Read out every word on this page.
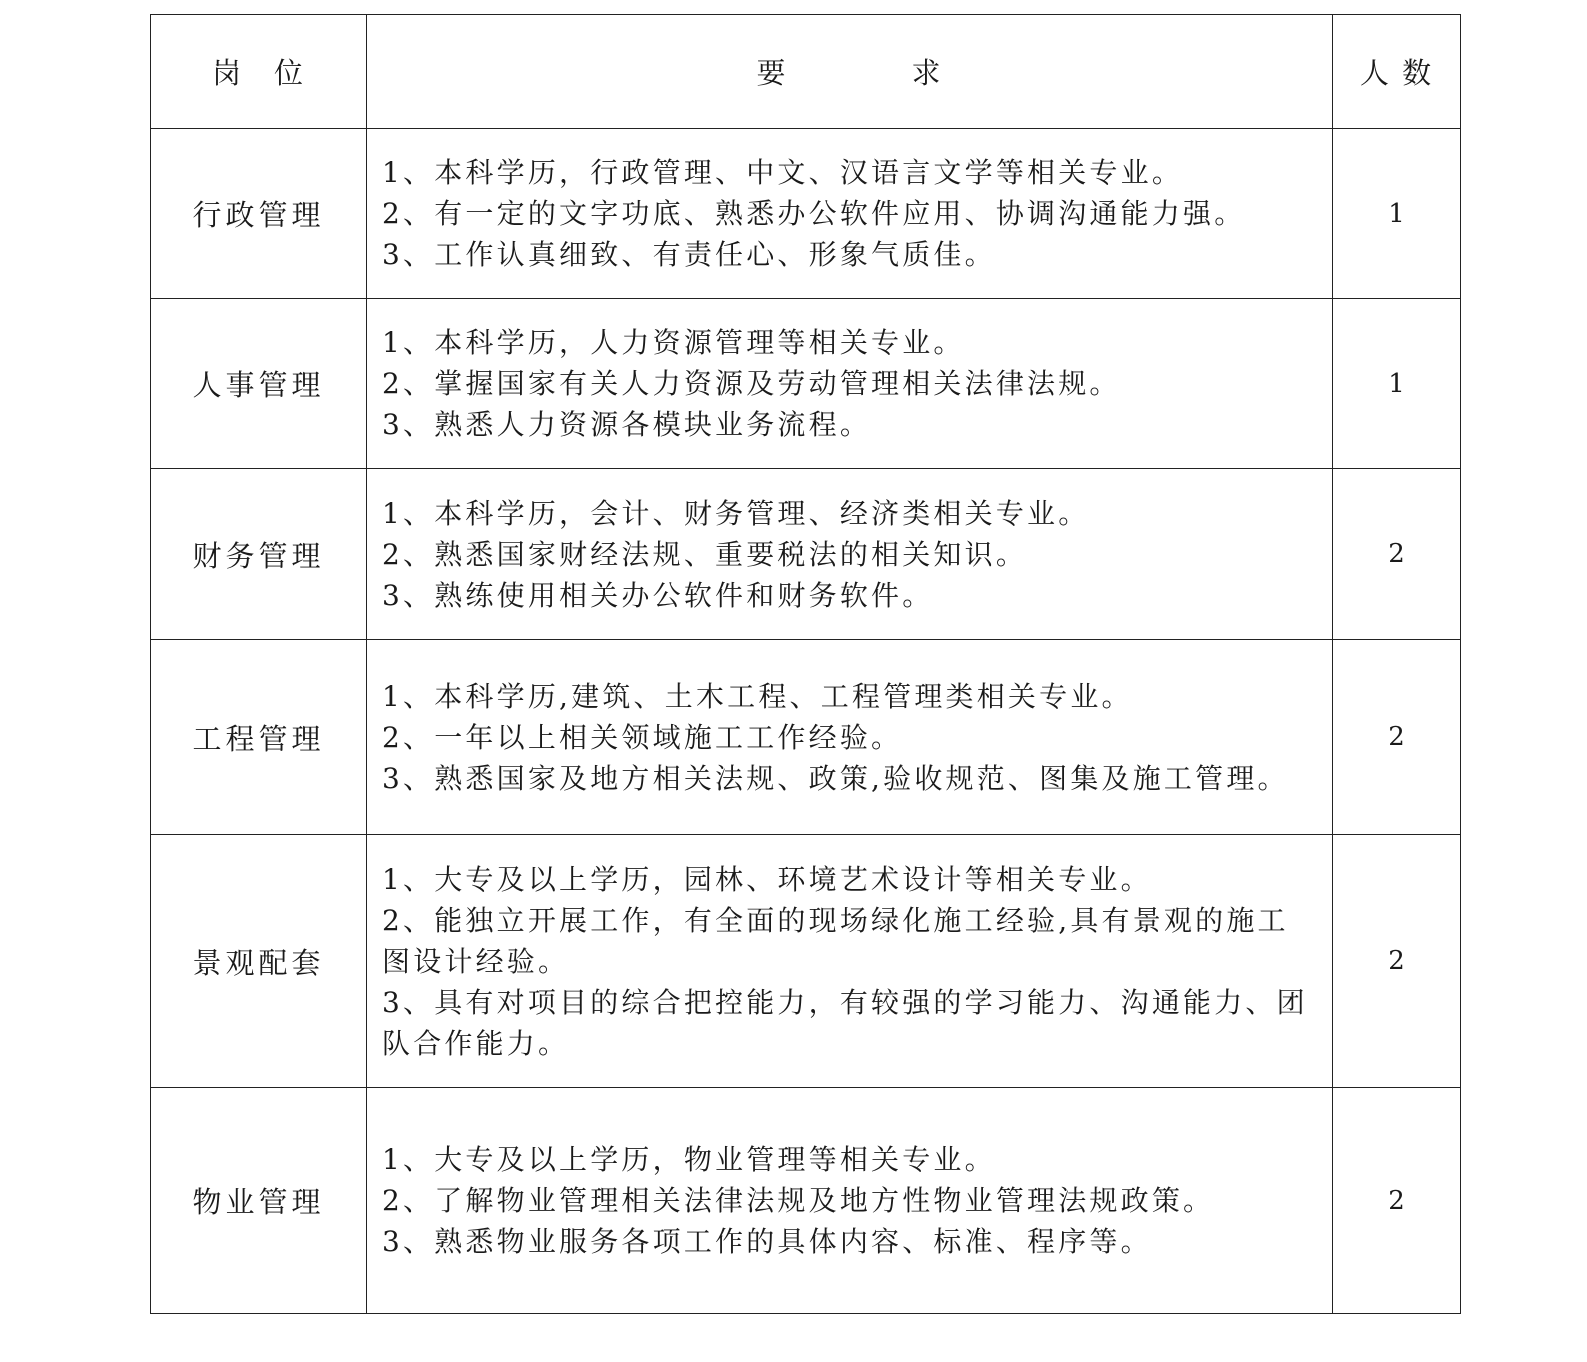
岗　位	要　　　　求	人 数
行政管理	1、本科学历，行政管理、中文、汉语言文学等相关专业。
2、有一定的文字功底、熟悉办公软件应用、协调沟通能力强。
3、工作认真细致、有责任心、形象气质佳。	1
人事管理	1、本科学历，人力资源管理等相关专业。
2、掌握国家有关人力资源及劳动管理相关法律法规。
3、熟悉人力资源各模块业务流程。	1
财务管理	1、本科学历，会计、财务管理、经济类相关专业。
2、熟悉国家财经法规、重要税法的相关知识。
3、熟练使用相关办公软件和财务软件。	2
工程管理	1、本科学历,建筑、土木工程、工程管理类相关专业。
2、一年以上相关领域施工工作经验。
3、熟悉国家及地方相关法规、政策,验收规范、图集及施工管理。	2
景观配套	1、大专及以上学历，园林、环境艺术设计等相关专业。
2、能独立开展工作，有全面的现场绿化施工经验,具有景观的施工图设计经验。
3、具有对项目的综合把控能力，有较强的学习能力、沟通能力、团队合作能力。	2
物业管理	1、大专及以上学历，物业管理等相关专业。
2、了解物业管理相关法律法规及地方性物业管理法规政策。
3、熟悉物业服务各项工作的具体内容、标准、程序等。	2
